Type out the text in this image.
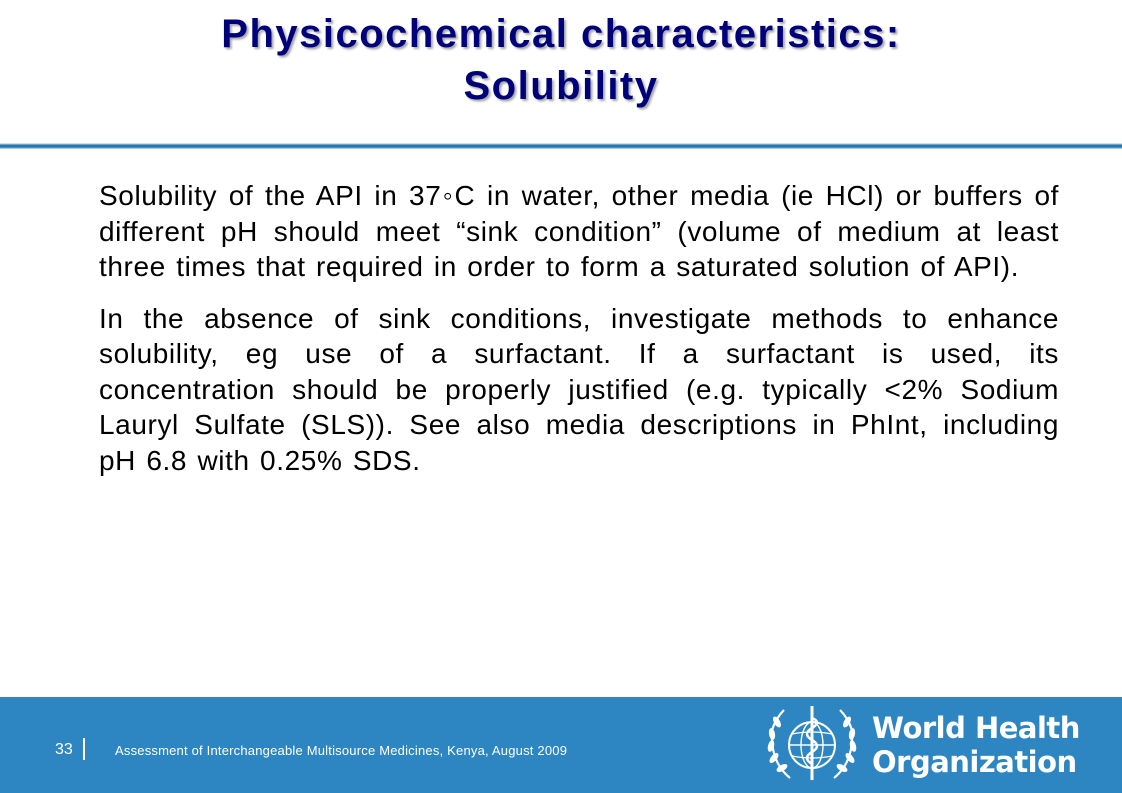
Physicochemical characteristics:
Solubility

Solubility of the API in 37◦C in water, other media (ie HCl) or buffers of different pH should meet “sink condition” (volume of medium at least three times that required in order to form a saturated solution of API).

In the absence of sink conditions, investigate methods to enhance solubility, eg use of a surfactant. If a surfactant is used, its concentration should be properly justified (e.g. typically <2% Sodium Lauryl Sulfate (SLS)). See also media descriptions in PhInt, including pH 6.8 with 0.25% SDS.

33	Assessment of Interchangeable Multisource Medicines, Kenya, August 2009
World Health
Organization
